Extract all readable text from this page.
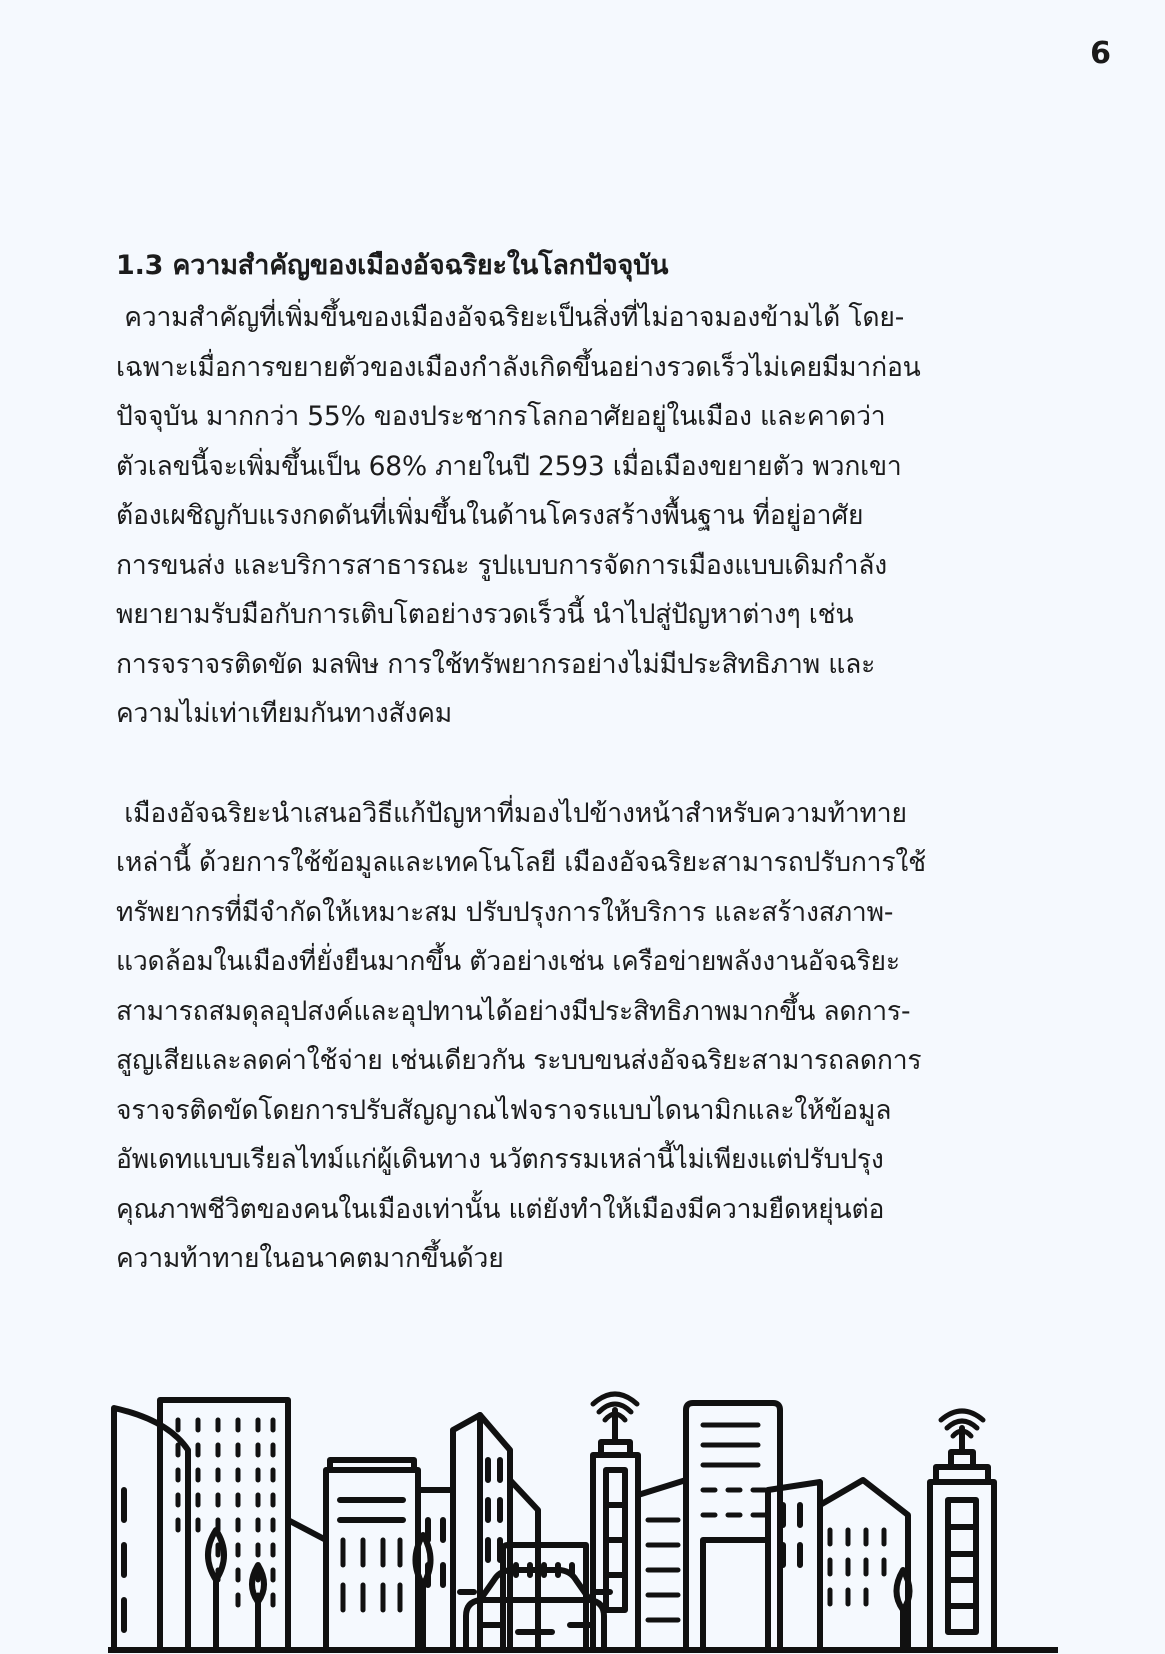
6
1.3 ความสำคัญของเมืองอัจฉริยะในโลกปัจจุบัน

ความสำคัญที่เพิ่มขึ้นของเมืองอัจฉริยะเป็นสิ่งที่ไม่อาจมองข้ามได้ โดย-
เฉพาะเมื่อการขยายตัวของเมืองกำลังเกิดขึ้นอย่างรวดเร็วไม่เคยมีมาก่อน
ปัจจุบัน มากกว่า 55% ของประชากรโลกอาศัยอยู่ในเมือง และคาดว่า
ตัวเลขนี้จะเพิ่มขึ้นเป็น 68% ภายในปี 2593 เมื่อเมืองขยายตัว พวกเขา
ต้องเผชิญกับแรงกดดันที่เพิ่มขึ้นในด้านโครงสร้างพื้นฐาน ที่อยู่อาศัย
การขนส่ง และบริการสาธารณะ รูปแบบการจัดการเมืองแบบเดิมกำลัง
พยายามรับมือกับการเติบโตอย่างรวดเร็วนี้ นำไปสู่ปัญหาต่างๆ เช่น
การจราจรติดขัด มลพิษ การใช้ทรัพยากรอย่างไม่มีประสิทธิภาพ และ
ความไม่เท่าเทียมกันทางสังคม

เมืองอัจฉริยะนำเสนอวิธีแก้ปัญหาที่มองไปข้างหน้าสำหรับความท้าทาย
เหล่านี้ ด้วยการใช้ข้อมูลและเทคโนโลยี เมืองอัจฉริยะสามารถปรับการใช้
ทรัพยากรที่มีจำกัดให้เหมาะสม ปรับปรุงการให้บริการ และสร้างสภาพ-
แวดล้อมในเมืองที่ยั่งยืนมากขึ้น ตัวอย่างเช่น เครือข่ายพลังงานอัจฉริยะ
สามารถสมดุลอุปสงค์และอุปทานได้อย่างมีประสิทธิภาพมากขึ้น ลดการ-
สูญเสียและลดค่าใช้จ่าย เช่นเดียวกัน ระบบขนส่งอัจฉริยะสามารถลดการ
จราจรติดขัดโดยการปรับสัญญาณไฟจราจรแบบไดนามิกและให้ข้อมูล
อัพเดทแบบเรียลไทม์แก่ผู้เดินทาง นวัตกรรมเหล่านี้ไม่เพียงแต่ปรับปรุง
คุณภาพชีวิตของคนในเมืองเท่านั้น แต่ยังทำให้เมืองมีความยืดหยุ่นต่อ
ความท้าทายในอนาคตมากขึ้นด้วย
